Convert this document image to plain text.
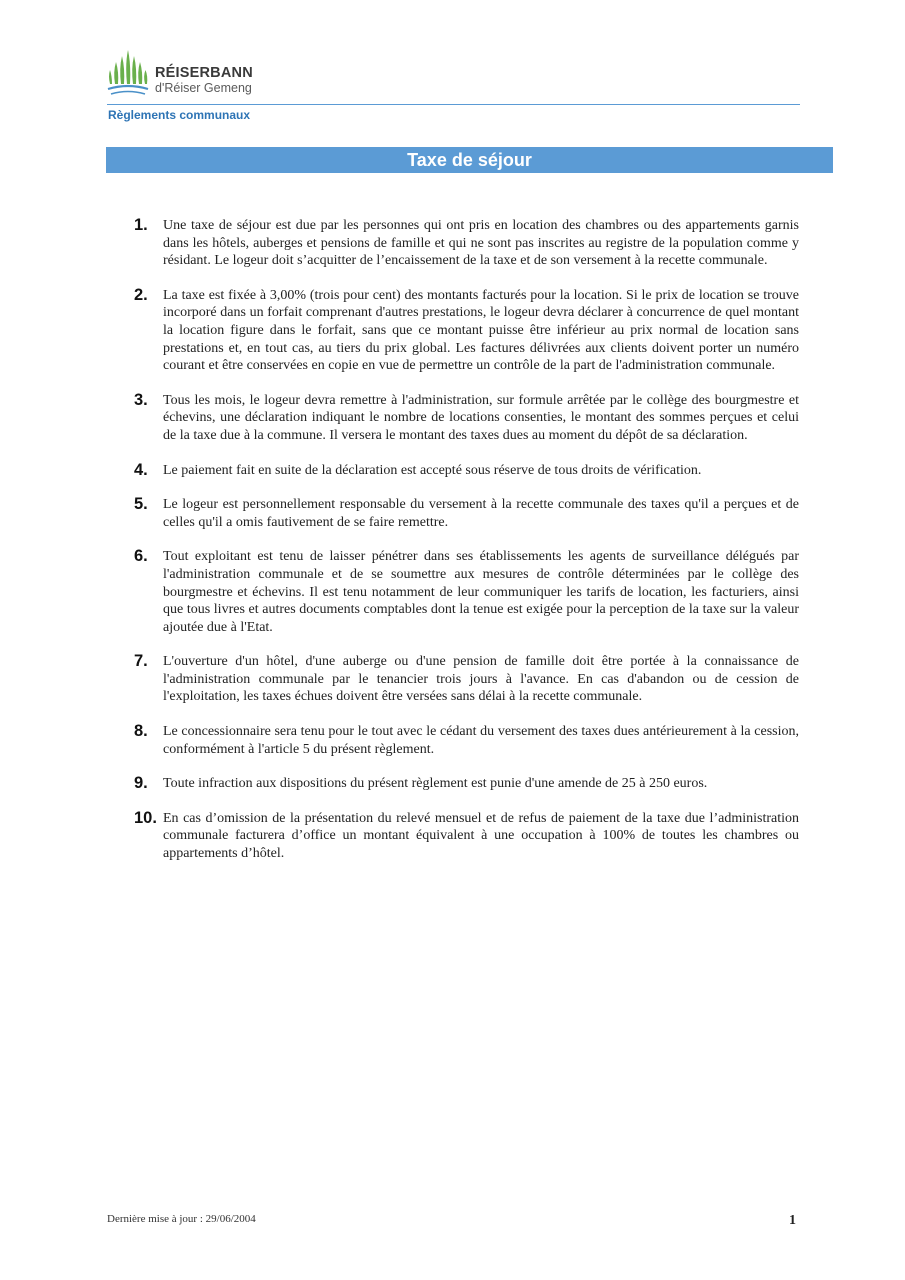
RÉISERBANN
d'Réiser Gemeng
Règlements communaux
Taxe de séjour
1. Une taxe de séjour est due par les personnes qui ont pris en location des chambres ou des appartements garnis dans les hôtels, auberges et pensions de famille et qui ne sont pas inscrites au registre de la population comme y résidant. Le logeur doit s’acquitter de l’encaissement de la taxe et de son versement à la recette communale.
2. La taxe est fixée à 3,00% (trois pour cent) des montants facturés pour la location. Si le prix de location se trouve incorporé dans un forfait comprenant d'autres prestations, le logeur devra déclarer à concurrence de quel montant la location figure dans le forfait, sans que ce montant puisse être inférieur au prix normal de location sans prestations et, en tout cas, au tiers du prix global. Les factures délivrées aux clients doivent porter un numéro courant et être conservées en copie en vue de permettre un contrôle de la part de l'administration communale.
3. Tous les mois, le logeur devra remettre à l'administration, sur formule arrêtée par le collège des bourgmestre et échevins, une déclaration indiquant le nombre de locations consenties, le montant des sommes perçues et celui de la taxe due à la commune. Il versera le montant des taxes dues au moment du dépôt de sa déclaration.
4. Le paiement fait en suite de la déclaration est accepté sous réserve de tous droits de vérification.
5. Le logeur est personnellement responsable du versement à la recette communale des taxes qu'il a perçues et de celles qu'il a omis fautivement de se faire remettre.
6. Tout exploitant est tenu de laisser pénétrer dans ses établissements les agents de surveillance délégués par l'administration communale et de se soumettre aux mesures de contrôle déterminées par le collège des bourgmestre et échevins. Il est tenu notamment de leur communiquer les tarifs de location, les facturiers, ainsi que tous livres et autres documents comptables dont la tenue est exigée pour la perception de la taxe sur la valeur ajoutée due à l'Etat.
7. L'ouverture d'un hôtel, d'une auberge ou d'une pension de famille doit être portée à la connaissance de l'administration communale par le tenancier trois jours à l'avance. En cas d'abandon ou de cession de l'exploitation, les taxes échues doivent être versées sans délai à la recette communale.
8. Le concessionnaire sera tenu pour le tout avec le cédant du versement des taxes dues antérieurement à la cession, conformément à l'article 5 du présent règlement.
9. Toute infraction aux dispositions du présent règlement est punie d'une amende de 25 à 250 euros.
10. En cas d’omission de la présentation du relevé mensuel et de refus de paiement de la taxe due l’administration communale facturera d’office un montant équivalent à une occupation à 100% de toutes les chambres ou appartements d’hôtel.
Dernière mise à jour : 29/06/2004	1
